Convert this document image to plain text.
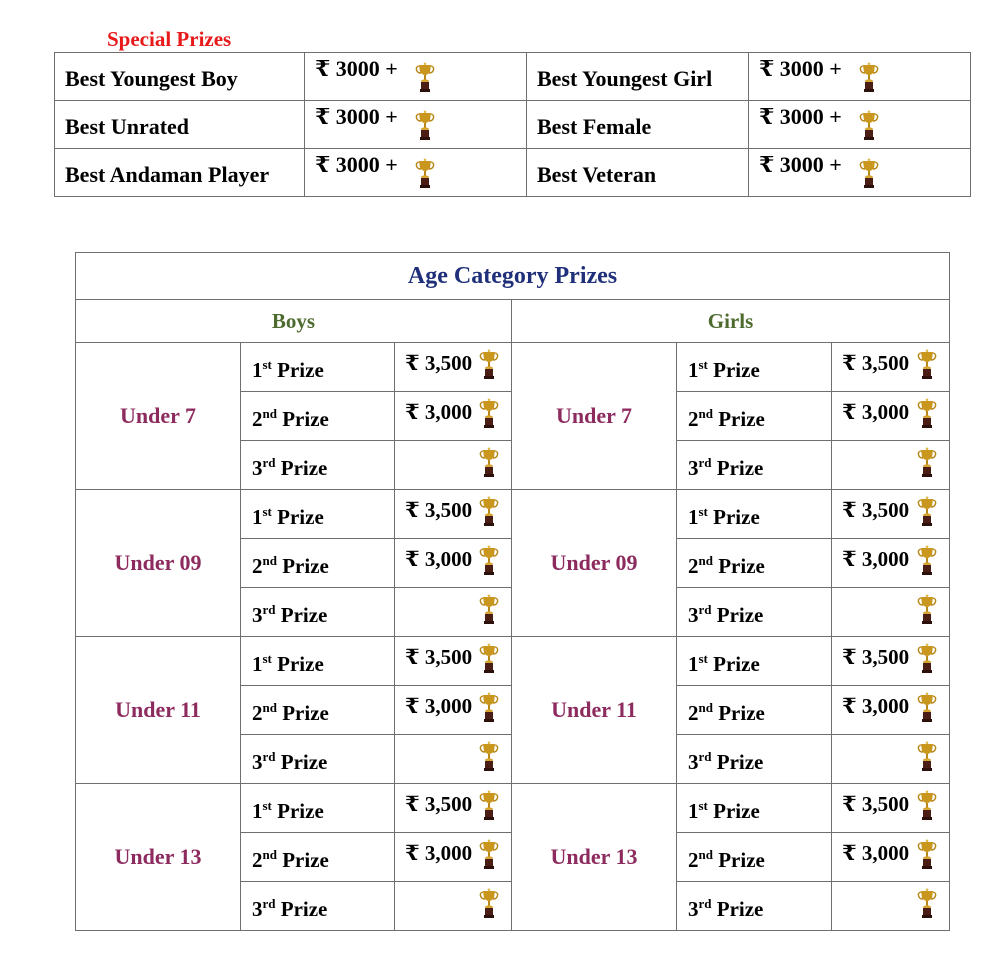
Special Prizes
Best Youngest Boy	₹ 3000 +	Best Youngest Girl	₹ 3000 +

Best Unrated	₹ 3000 +	Best Female	₹ 3000 +

Best Andaman Player	₹ 3000 +	Best Veteran	₹ 3000 +
Age Category Prizes					
Boys			Girls		
Under 7	1st Prize	₹ 3,500	Under 7	1st Prize	₹ 3,500

	2nd Prize	₹ 3,000		2nd Prize	₹ 3,000

	3rd Prize			3rd Prize	

Under 09	1st Prize	₹ 3,500	Under 09	1st Prize	₹ 3,500

	2nd Prize	₹ 3,000		2nd Prize	₹ 3,000

	3rd Prize			3rd Prize	

Under 11	1st Prize	₹ 3,500	Under 11	1st Prize	₹ 3,500

	2nd Prize	₹ 3,000		2nd Prize	₹ 3,000

	3rd Prize			3rd Prize	

Under 13	1st Prize	₹ 3,500	Under 13	1st Prize	₹ 3,500

	2nd Prize	₹ 3,000		2nd Prize	₹ 3,000

	3rd Prize			3rd Prize	
